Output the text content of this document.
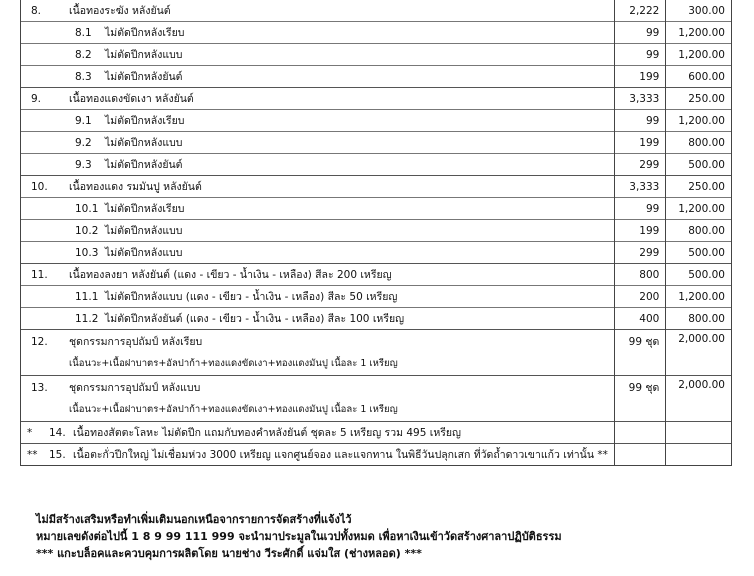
8. เนื้อทองระฆัง หลังยันต์	2,222	300.00
8.1 ไม่ตัดปีกหลังเรียบ	99	1,200.00
8.2 ไม่ตัดปีกหลังแบบ	99	1,200.00
8.3 ไม่ตัดปีกหลังยันต์	199	600.00
9. เนื้อทองแดงขัดเงา หลังยันต์	3,333	250.00
9.1 ไม่ตัดปีกหลังเรียบ	99	1,200.00
9.2 ไม่ตัดปีกหลังแบบ	199	800.00
9.3 ไม่ตัดปีกหลังยันต์	299	500.00
10. เนื้อทองแดง รมมันปู หลังยันต์	3,333	250.00
10.1 ไม่ตัดปีกหลังเรียบ	99	1,200.00
10.2 ไม่ตัดปีกหลังแบบ	199	800.00
10.3 ไม่ตัดปีกหลังแบบ	299	500.00
11. เนื้อทองลงยา หลังยันต์ (แดง - เขียว - น้ำเงิน - เหลือง) สีละ 200 เหรียญ	800	500.00
11.1 ไม่ตัดปีกหลังแบบ (แดง - เขียว - น้ำเงิน - เหลือง) สีละ 50 เหรียญ	200	1,200.00
11.2 ไม่ตัดปีกหลังยันต์ (แดง - เขียว - น้ำเงิน - เหลือง) สีละ 100 เหรียญ	400	800.00
12. ชุดกรรมการอุปถัมป์ หลังเรียบ
เนื้อนวะ+เนื้อฝาบาตร+อัลปาก้า+ทองแดงขัดเงา+ทองแดงมันปู เนื้อละ 1 เหรียญ	99 ชุด	2,000.00
13. ชุดกรรมการอุปถัมป์ หลังแบบ
เนื้อนวะ+เนื้อฝาบาตร+อัลปาก้า+ทองแดงขัดเงา+ทองแดงมันปู เนื้อละ 1 เหรียญ	99 ชุด	2,000.00
* 14. เนื้อทองสัตตะโลหะ ไม่ตัดปีก แถมกับทองคำหลังยันต์ ชุดละ 5 เหรียญ รวม 495 เหรียญ		
** 15. เนื้อตะกั่วปีกใหญ่ ไม่เชื่อมห่วง 3000 เหรียญ แจกศูนย์จอง และแจกทาน ในพิธีวันปลุกเสก ที่วัดถ้ำดาวเขาแก้ว เท่านั้น **		
ไม่มีสร้างเสริมหรือทำเพิ่มเติมนอกเหนือจากรายการจัดสร้างที่แจ้งไว้
หมายเลขดังต่อไปนี้ 1 8 9 99 111 999 จะนำมาประมูลในเวปทั้งหมด เพื่อหาเงินเข้าวัดสร้างศาลาปฏิบัติธรรม
*** แกะบล็อคและควบคุมการผลิตโดย นายช่าง วีระศักดิ์ แจ่มใส (ช่างหลอด) ***
